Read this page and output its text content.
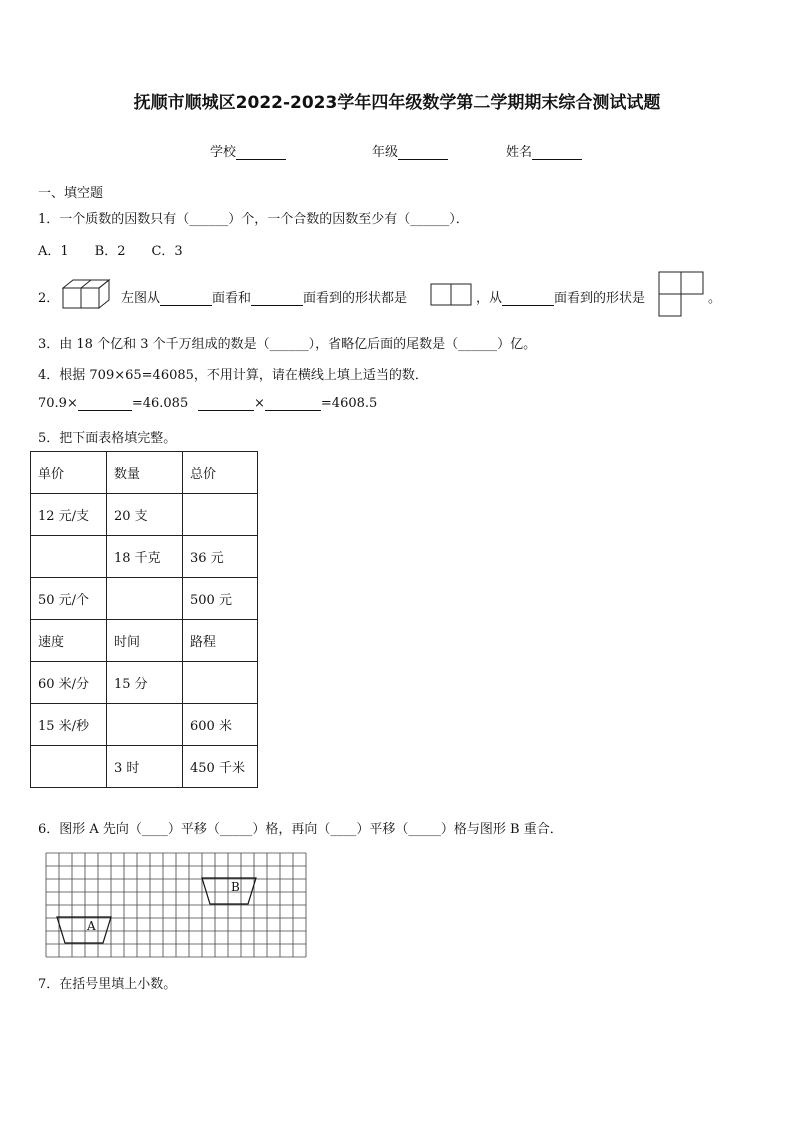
抚顺市顺城区2022-2023学年四年级数学第二学期期末综合测试试题
学校	年级	姓名
一、填空题
1．一个质数的因数只有（______）个，一个合数的因数至少有（______）．
A．1　　B．2　　C．3
2．	左图从	面看和	面看到的形状都是	，从	面看到的形状是	。
3．由 18 个亿和 3 个千万组成的数是（______），省略亿后面的尾数是（______）亿。
4．根据 709×65=46085，不用计算，请在横线上填上适当的数．
70.9×	=46.085	×	=4608.5
5．把下面表格填完整。
单价	数量	总价
12 元/支	20 支	
	18 千克	36 元
50 元/个		500 元
速度	时间	路程
60 米/分	15 分	
15 米/秒		600 米
	3 时	450 千米
6．图形 A 先向（____）平移（_____）格，再向（____）平移（_____）格与图形 B 重合．
B
A
7．在括号里填上小数。
